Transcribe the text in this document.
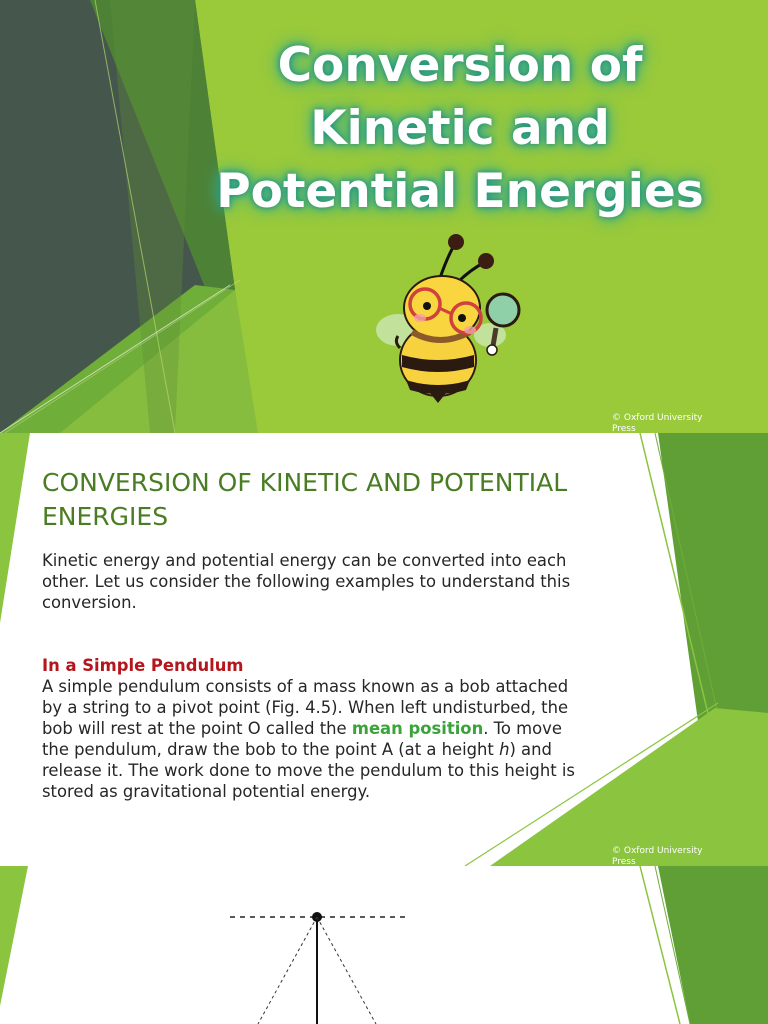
Conversion of
Kinetic and
Potential Energies
© Oxford University Press
CONVERSION OF KINETIC AND POTENTIAL
ENERGIES

Kinetic energy and potential energy can be converted into each
other. Let us consider the following examples to understand this
conversion.

In a Simple Pendulum

A simple pendulum consists of a mass known as a bob attached
by a string to a pivot point (Fig. 4.5). When left undisturbed, the
bob will rest at the point O called the mean position. To move
the pendulum, draw the bob to the point A (at a height h) and
release it. The work done to move the pendulum to this height is
stored as gravitational potential energy.

© Oxford University Press
